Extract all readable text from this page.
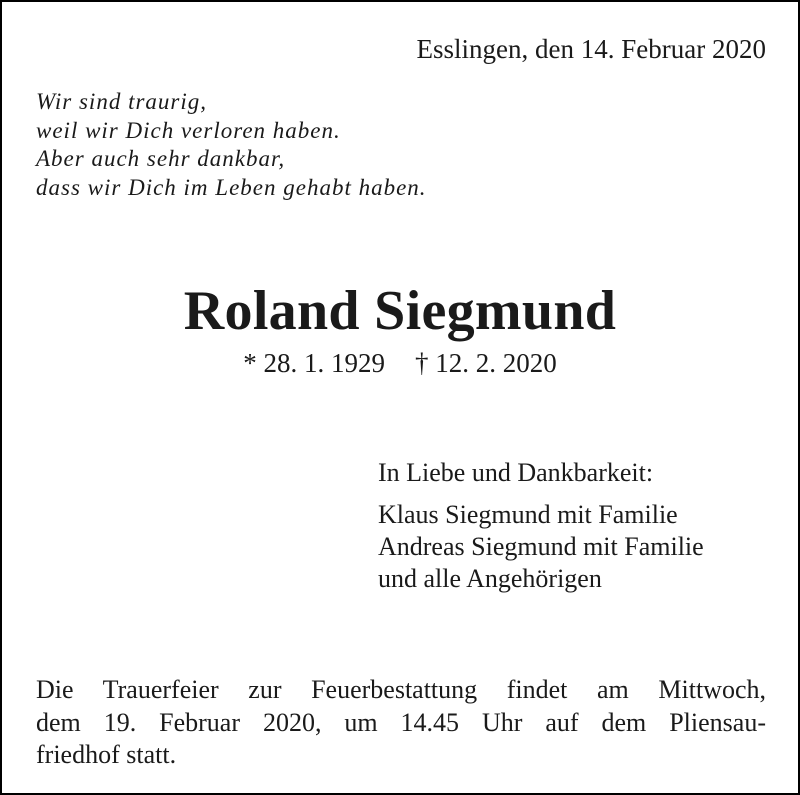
Esslingen, den 14. Februar 2020
Wir sind traurig,
weil wir Dich verloren haben.
Aber auch sehr dankbar,
dass wir Dich im Leben gehabt haben.
Roland Siegmund
* 28. 1. 1929 † 12. 2. 2020
In Liebe und Dankbarkeit:
Klaus Siegmund mit Familie
Andreas Siegmund mit Familie
und alle Angehörigen
Die Trauerfeier zur Feuerbestattung findet am Mittwoch,
dem 19. Februar 2020, um 14.45 Uhr auf dem Pliensau-
friedhof statt.
